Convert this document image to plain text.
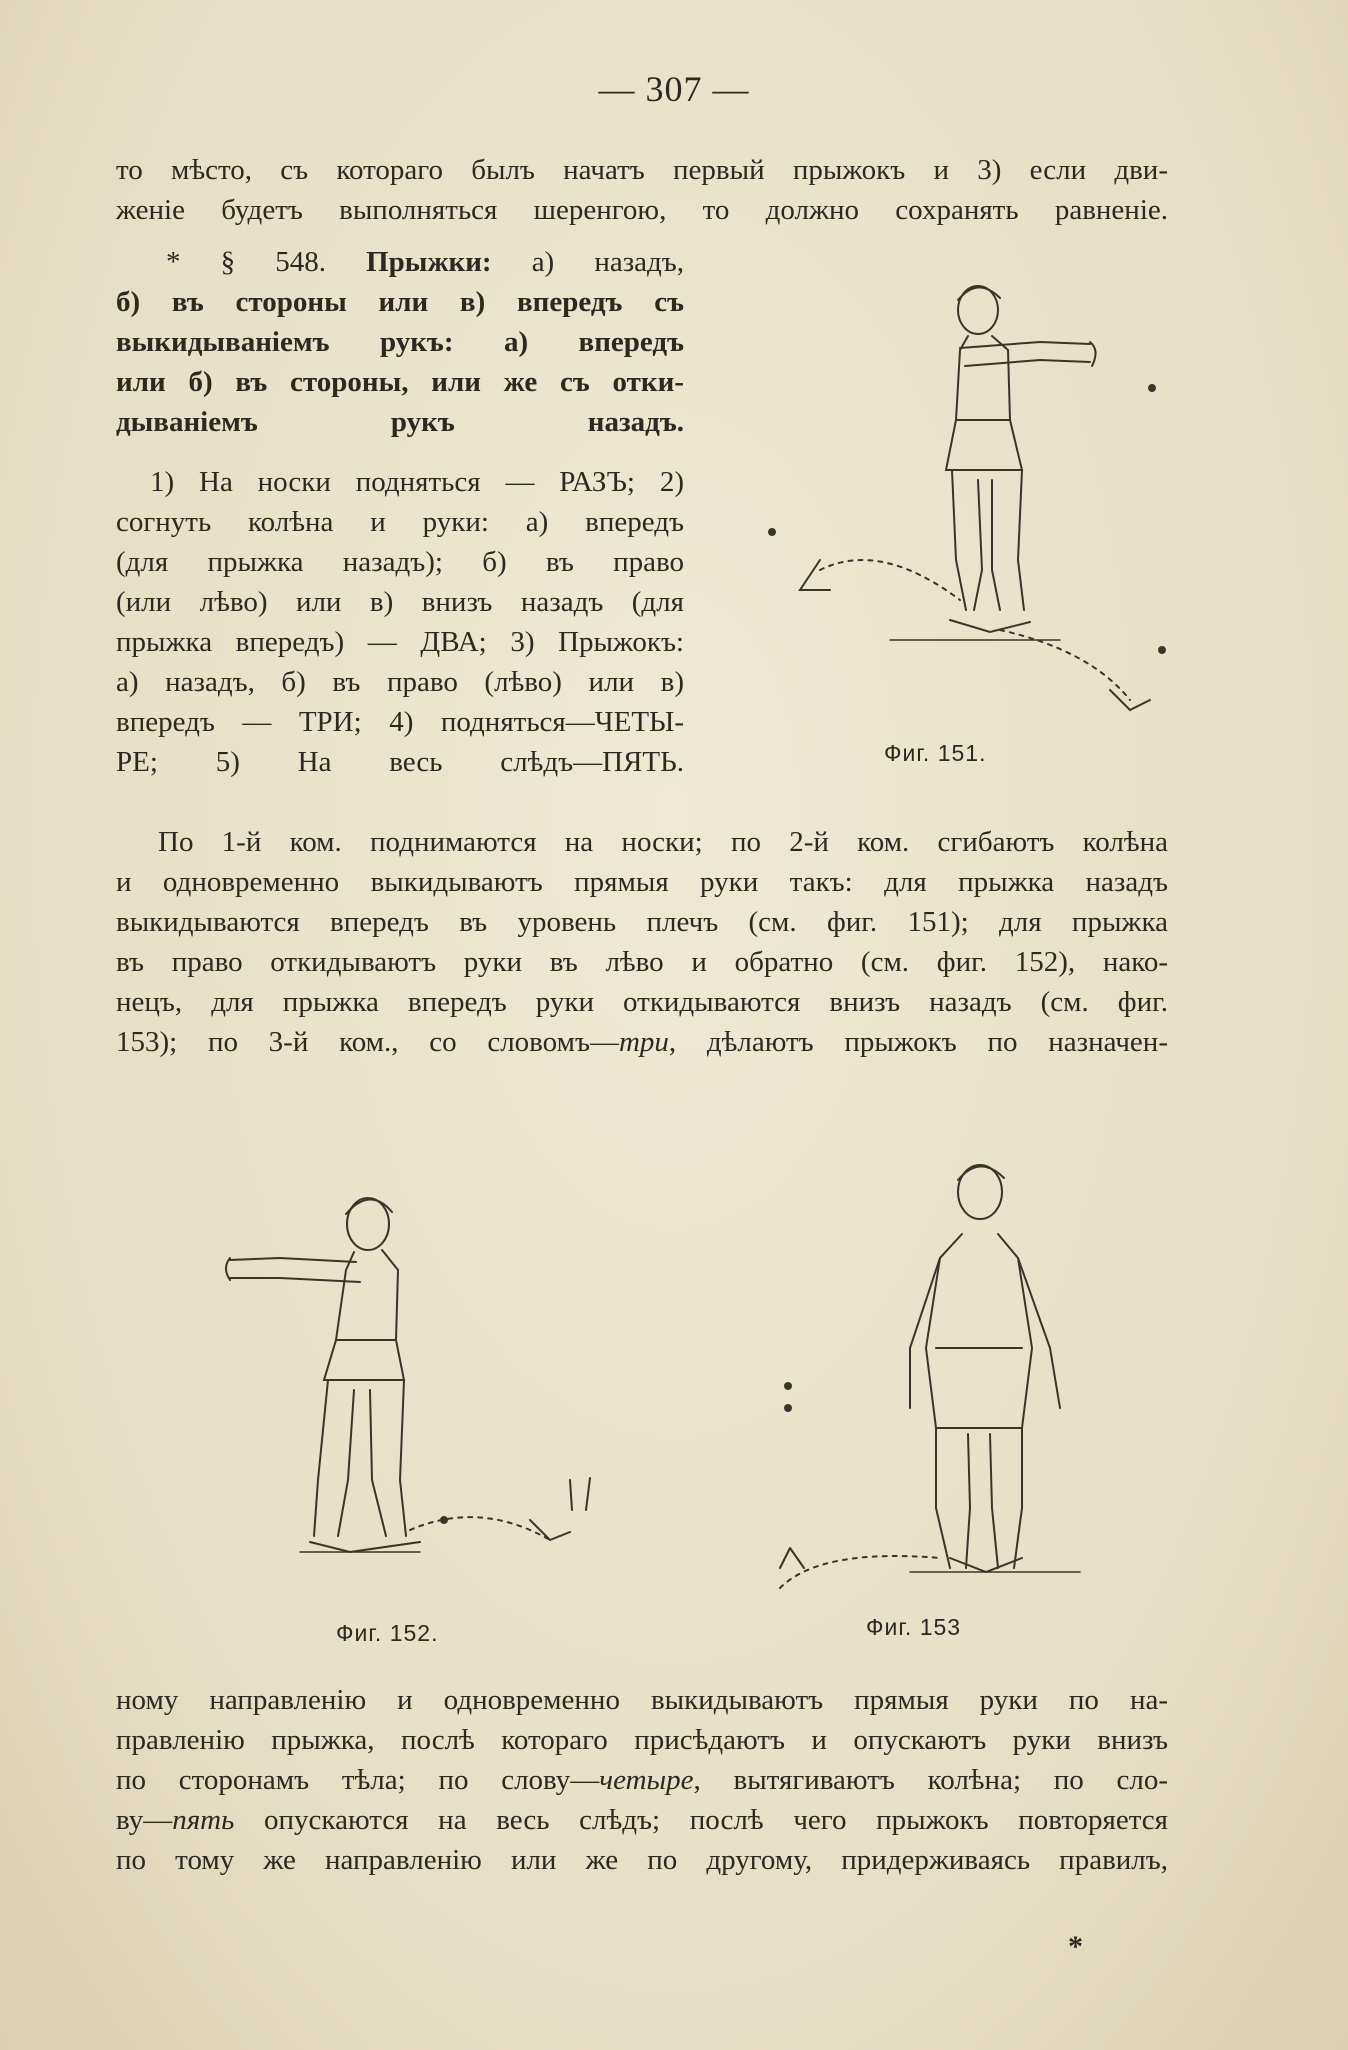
— 307 —
то мѣсто, съ котораго былъ начатъ первый прыжокъ и 3) если дви-
женіе будетъ выполняться шеренгою, то должно сохранять равненіе.
* § 548. Прыжки: а) назадъ,
б) въ стороны или в) впередъ съ
выкидываніемъ рукъ: а) впередъ
или б) въ стороны, или же съ отки-
дываніемъ рукъ назадъ.
1) На носки подняться — РАЗЪ; 2)
согнуть колѣна и руки: а) впередъ
(для прыжка назадъ); б) въ право
(или лѣво) или в) внизъ назадъ (для
прыжка впередъ) — ДВА; 3) Прыжокъ:
а) назадъ, б) въ право (лѣво) или в)
впередъ — ТРИ; 4) подняться—ЧЕТЫ-
РЕ; 5) На весь слѣдъ—ПЯТЬ.	Фиг. 151.
По 1-й ком. поднимаются на носки; по 2-й ком. сгибаютъ колѣна
и одновременно выкидываютъ прямыя руки такъ: для прыжка назадъ
выкидываются впередъ въ уровень плечъ (см. фиг. 151); для прыжка
въ право откидываютъ руки въ лѣво и обратно (см. фиг. 152), нако-
нецъ, для прыжка впередъ руки откидываются внизъ назадъ (см. фиг.
153); по 3-й ком., со словомъ—три, дѣлаютъ прыжокъ по назначен-
Фиг. 152.	Фиг. 153
ному направленію и одновременно выкидываютъ прямыя руки по на-
правленію прыжка, послѣ котораго присѣдаютъ и опускаютъ руки внизъ
по сторонамъ тѣла; по слову—четыре, вытягиваютъ колѣна; по сло-
ву—пять опускаются на весь слѣдъ; послѣ чего прыжокъ повторяется
по тому же направленію или же по другому, придерживаясь правилъ,
*
